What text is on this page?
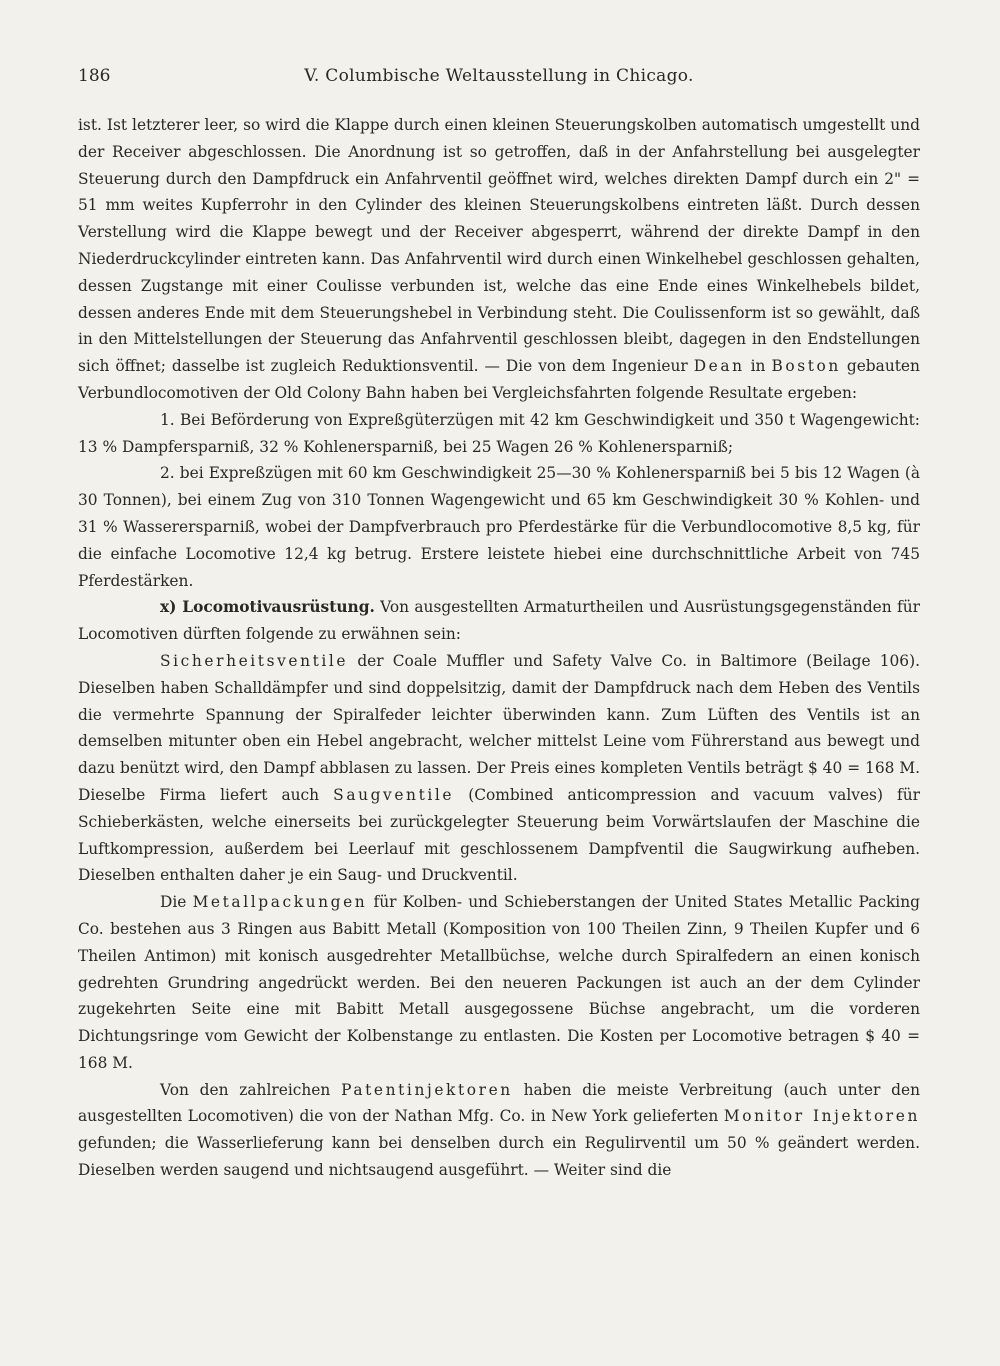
186	V. Columbische Weltausstellung in Chicago.

ist. Ist letzterer leer, so wird die Klappe durch einen kleinen Steuerungskolben automatisch umgestellt und der Receiver abgeschlossen. Die Anordnung ist so getroffen, daß in der Anfahrstellung bei ausgelegter Steuerung durch den Dampfdruck ein Anfahrventil geöffnet wird, welches direkten Dampf durch ein 2" = 51 mm weites Kupferrohr in den Cylinder des kleinen Steuerungskolbens eintreten läßt. Durch dessen Verstellung wird die Klappe bewegt und der Receiver abgesperrt, während der direkte Dampf in den Niederdruckcylinder eintreten kann. Das Anfahrventil wird durch einen Winkelhebel geschlossen gehalten, dessen Zugstange mit einer Coulisse verbunden ist, welche das eine Ende eines Winkelhebels bildet, dessen anderes Ende mit dem Steuerungshebel in Verbindung steht. Die Coulissenform ist so gewählt, daß in den Mittelstellungen der Steuerung das Anfahrventil geschlossen bleibt, dagegen in den Endstellungen sich öffnet; dasselbe ist zugleich Reduktionsventil. — Die von dem Ingenieur Dean in Boston gebauten Verbundlocomotiven der Old Colony Bahn haben bei Vergleichsfahrten folgende Resultate ergeben:

1. Bei Beförderung von Expreßgüterzügen mit 42 km Geschwindigkeit und 350 t Wagengewicht: 13 % Dampfersparniß, 32 % Kohlenersparniß, bei 25 Wagen 26 % Kohlenersparniß;

2. bei Expreßzügen mit 60 km Geschwindigkeit 25—30 % Kohlenersparniß bei 5 bis 12 Wagen (à 30 Tonnen), bei einem Zug von 310 Tonnen Wagengewicht und 65 km Geschwindigkeit 30 % Kohlen- und 31 % Wasserersparniß, wobei der Dampfverbrauch pro Pferdestärke für die Verbundlocomotive 8,5 kg, für die einfache Locomotive 12,4 kg betrug. Erstere leistete hiebei eine durchschnittliche Arbeit von 745 Pferdestärken.

x) Locomotivausrüstung. Von ausgestellten Armaturtheilen und Ausrüstungsgegenständen für Locomotiven dürften folgende zu erwähnen sein:

Sicherheitsventile der Coale Muffler und Safety Valve Co. in Baltimore (Beilage 106). Dieselben haben Schalldämpfer und sind doppelsitzig, damit der Dampfdruck nach dem Heben des Ventils die vermehrte Spannung der Spiralfeder leichter überwinden kann. Zum Lüften des Ventils ist an demselben mitunter oben ein Hebel angebracht, welcher mittelst Leine vom Führerstand aus bewegt und dazu benützt wird, den Dampf abblasen zu lassen. Der Preis eines kompleten Ventils beträgt $ 40 = 168 M. Dieselbe Firma liefert auch Saugventile (Combined anticompression and vacuum valves) für Schieberkästen, welche einerseits bei zurückgelegter Steuerung beim Vorwärtslaufen der Maschine die Luftkompression, außerdem bei Leerlauf mit geschlossenem Dampfventil die Saugwirkung aufheben. Dieselben enthalten daher je ein Saug- und Druckventil.

Die Metallpackungen für Kolben- und Schieberstangen der United States Metallic Packing Co. bestehen aus 3 Ringen aus Babitt Metall (Komposition von 100 Theilen Zinn, 9 Theilen Kupfer und 6 Theilen Antimon) mit konisch ausgedrehter Metallbüchse, welche durch Spiralfedern an einen konisch gedrehten Grundring angedrückt werden. Bei den neueren Packungen ist auch an der dem Cylinder zugekehrten Seite eine mit Babitt Metall ausgegossene Büchse angebracht, um die vorderen Dichtungsringe vom Gewicht der Kolbenstange zu entlasten. Die Kosten per Locomotive betragen $ 40 = 168 M.

Von den zahlreichen Patentinjektoren haben die meiste Verbreitung (auch unter den ausgestellten Locomotiven) die von der Nathan Mfg. Co. in New York gelieferten Monitor Injektoren gefunden; die Wasserlieferung kann bei denselben durch ein Regulirventil um 50 % geändert werden. Dieselben werden saugend und nichtsaugend ausgeführt. — Weiter sind die
